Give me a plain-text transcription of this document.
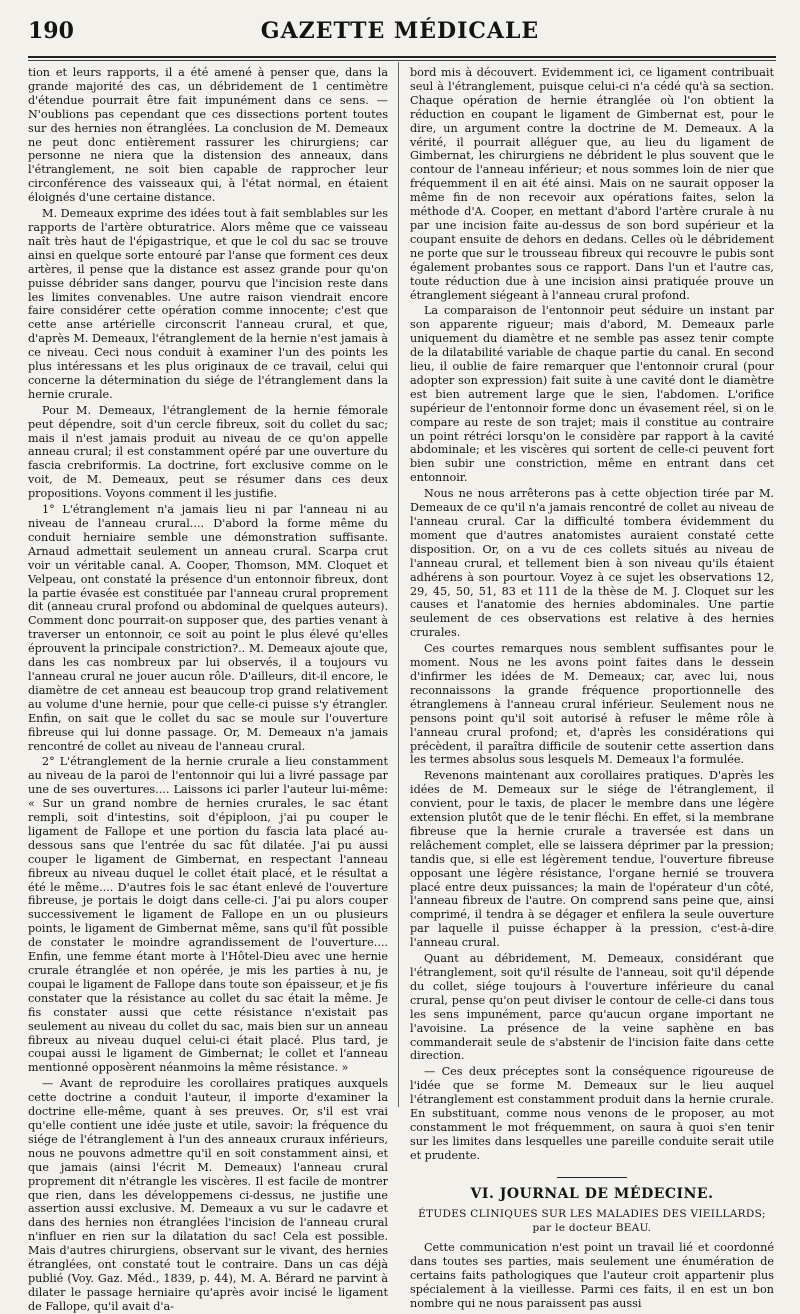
190	GAZETTE MÉDICALE

tion et leurs rapports, il a été amené à penser que, dans la grande majorité des cas, un débridement de 1 centimètre d'étendue pourrait être fait impunément dans ce sens. — N'oublions pas cependant que ces dissections portent toutes sur des hernies non étranglées. La conclusion de M. Demeaux ne peut donc entièrement rassurer les chirurgiens; car personne ne niera que la distension des anneaux, dans l'étranglement, ne soit bien capable de rapprocher leur circonférence des vaisseaux qui, à l'état normal, en étaient éloignés d'une certaine distance.

M. Demeaux exprime des idées tout à fait semblables sur les rapports de l'artère obturatrice. Alors même que ce vaisseau naît très haut de l'épigastrique, et que le col du sac se trouve ainsi en quelque sorte entouré par l'anse que forment ces deux artères, il pense que la distance est assez grande pour qu'on puisse débrider sans danger, pourvu que l'incision reste dans les limites convenables. Une autre raison viendrait encore faire considérer cette opération comme innocente; c'est que cette anse artérielle circonscrit l'anneau crural, et que, d'après M. Demeaux, l'étranglement de la hernie n'est jamais à ce niveau. Ceci nous conduit à examiner l'un des points les plus intéressans et les plus originaux de ce travail, celui qui concerne la détermination du siége de l'étranglement dans la hernie crurale.

Pour M. Demeaux, l'étranglement de la hernie fémorale peut dépendre, soit d'un cercle fibreux, soit du collet du sac; mais il n'est jamais produit au niveau de ce qu'on appelle anneau crural; il est constamment opéré par une ouverture du fascia crebriformis. La doctrine, fort exclusive comme on le voit, de M. Demeaux, peut se résumer dans ces deux propositions. Voyons comment il les justifie.

1° L'étranglement n'a jamais lieu ni par l'anneau ni au niveau de l'anneau crural.... D'abord la forme même du conduit herniaire semble une démonstration suffisante. Arnaud admettait seulement un anneau crural. Scarpa crut voir un véritable canal. A. Cooper, Thomson, MM. Cloquet et Velpeau, ont constaté la présence d'un entonnoir fibreux, dont la partie évasée est constituée par l'anneau crural proprement dit (anneau crural profond ou abdominal de quelques auteurs). Comment donc pourrait-on supposer que, des parties venant à traverser un entonnoir, ce soit au point le plus élevé qu'elles éprouvent la principale constriction?.. M. Demeaux ajoute que, dans les cas nombreux par lui observés, il a toujours vu l'anneau crural ne jouer aucun rôle. D'ailleurs, dit-il encore, le diamètre de cet anneau est beaucoup trop grand relativement au volume d'une hernie, pour que celle-ci puisse s'y étrangler. Enfin, on sait que le collet du sac se moule sur l'ouverture fibreuse qui lui donne passage. Or, M. Demeaux n'a jamais rencontré de collet au niveau de l'anneau crural.

2° L'étranglement de la hernie crurale a lieu constamment au niveau de la paroi de l'entonnoir qui lui a livré passage par une de ses ouvertures.... Laissons ici parler l'auteur lui-même: « Sur un grand nombre de hernies crurales, le sac étant rempli, soit d'intestins, soit d'épiploon, j'ai pu couper le ligament de Fallope et une portion du fascia lata placé au-dessous sans que l'entrée du sac fût dilatée. J'ai pu aussi couper le ligament de Gimbernat, en respectant l'anneau fibreux au niveau duquel le collet était placé, et le résultat a été le même.... D'autres fois le sac étant enlevé de l'ouverture fibreuse, je portais le doigt dans celle-ci. J'ai pu alors couper successivement le ligament de Fallope en un ou plusieurs points, le ligament de Gimbernat même, sans qu'il fût possible de constater le moindre agrandissement de l'ouverture.... Enfin, une femme étant morte à l'Hôtel-Dieu avec une hernie crurale étranglée et non opérée, je mis les parties à nu, je coupai le ligament de Fallope dans toute son épaisseur, et je fis constater que la résistance au collet du sac était la même. Je fis constater aussi que cette résistance n'existait pas seulement au niveau du collet du sac, mais bien sur un anneau fibreux au niveau duquel celui-ci était placé. Plus tard, je coupai aussi le ligament de Gimbernat; le collet et l'anneau mentionné opposèrent néanmoins la même résistance. »

— Avant de reproduire les corollaires pratiques auxquels cette doctrine a conduit l'auteur, il importe d'examiner la doctrine elle-même, quant à ses preuves. Or, s'il est vrai qu'elle contient une idée juste et utile, savoir: la fréquence du siége de l'étranglement à l'un des anneaux cruraux inférieurs, nous ne pouvons admettre qu'il en soit constamment ainsi, et que jamais (ainsi l'écrit M. Demeaux) l'anneau crural proprement dit n'étrangle les viscères. Il est facile de montrer que rien, dans les développemens ci-dessus, ne justifie une assertion aussi exclusive. M. Demeaux a vu sur le cadavre et dans des hernies non étranglées l'incision de l'anneau crural n'influer en rien sur la dilatation du sac! Cela est possible. Mais d'autres chirurgiens, observant sur le vivant, des hernies étranglées, ont constaté tout le contraire. Dans un cas déjà publié (Voy. Gaz. Méd., 1839, p. 44), M. A. Bérard ne parvint à dilater le passage herniaire qu'après avoir incisé le ligament de Fallope, qu'il avait d'a-

bord mis à découvert. Evidemment ici, ce ligament contribuait seul à l'étranglement, puisque celui-ci n'a cédé qu'à sa section. Chaque opération de hernie étranglée où l'on obtient la réduction en coupant le ligament de Gimbernat est, pour le dire, un argument contre la doctrine de M. Demeaux. A la vérité, il pourrait alléguer que, au lieu du ligament de Gimbernat, les chirurgiens ne débrident le plus souvent que le contour de l'anneau inférieur; et nous sommes loin de nier que fréquemment il en ait été ainsi. Mais on ne saurait opposer la même fin de non recevoir aux opérations faites, selon la méthode d'A. Cooper, en mettant d'abord l'artère crurale à nu par une incision faite au-dessus de son bord supérieur et la coupant ensuite de dehors en dedans. Celles où le débridement ne porte que sur le trousseau fibreux qui recouvre le pubis sont également probantes sous ce rapport. Dans l'un et l'autre cas, toute réduction due à une incision ainsi pratiquée prouve un étranglement siégeant à l'anneau crural profond.

La comparaison de l'entonnoir peut séduire un instant par son apparente rigueur; mais d'abord, M. Demeaux parle uniquement du diamètre et ne semble pas assez tenir compte de la dilatabilité variable de chaque partie du canal. En second lieu, il oublie de faire remarquer que l'entonnoir crural (pour adopter son expression) fait suite à une cavité dont le diamètre est bien autrement large que le sien, l'abdomen. L'orifice supérieur de l'entonnoir forme donc un évasement réel, si on le compare au reste de son trajet; mais il constitue au contraire un point rétréci lorsqu'on le considère par rapport à la cavité abdominale; et les viscères qui sortent de celle-ci peuvent fort bien subir une constriction, même en entrant dans cet entonnoir.

Nous ne nous arrêterons pas à cette objection tirée par M. Demeaux de ce qu'il n'a jamais rencontré de collet au niveau de l'anneau crural. Car la difficulté tombera évidemment du moment que d'autres anatomistes auraient constaté cette disposition. Or, on a vu de ces collets situés au niveau de l'anneau crural, et tellement bien à son niveau qu'ils étaient adhérens à son pourtour. Voyez à ce sujet les observations 12, 29, 45, 50, 51, 83 et 111 de la thèse de M. J. Cloquet sur les causes et l'anatomie des hernies abdominales. Une partie seulement de ces observations est relative à des hernies crurales.

Ces courtes remarques nous semblent suffisantes pour le moment. Nous ne les avons point faites dans le dessein d'infirmer les idées de M. Demeaux; car, avec lui, nous reconnaissons la grande fréquence proportionnelle des étranglemens à l'anneau crural inférieur. Seulement nous ne pensons point qu'il soit autorisé à refuser le même rôle à l'anneau crural profond; et, d'après les considérations qui précèdent, il paraîtra difficile de soutenir cette assertion dans les termes absolus sous lesquels M. Demeaux l'a formulée.

Revenons maintenant aux corollaires pratiques. D'après les idées de M. Demeaux sur le siége de l'étranglement, il convient, pour le taxis, de placer le membre dans une légère extension plutôt que de le tenir fléchi. En effet, si la membrane fibreuse que la hernie crurale a traversée est dans un relâchement complet, elle se laissera déprimer par la pression; tandis que, si elle est légèrement tendue, l'ouverture fibreuse opposant une légère résistance, l'organe hernié se trouvera placé entre deux puissances; la main de l'opérateur d'un côté, l'anneau fibreux de l'autre. On comprend sans peine que, ainsi comprimé, il tendra à se dégager et enfilera la seule ouverture par laquelle il puisse échapper à la pression, c'est-à-dire l'anneau crural.

Quant au débridement, M. Demeaux, considérant que l'étranglement, soit qu'il résulte de l'anneau, soit qu'il dépende du collet, siége toujours à l'ouverture inférieure du canal crural, pense qu'on peut diviser le contour de celle-ci dans tous les sens impunément, parce qu'aucun organe important ne l'avoisine. La présence de la veine saphène en bas commanderait seule de s'abstenir de l'incision faite dans cette direction.

— Ces deux préceptes sont la conséquence rigoureuse de l'idée que se forme M. Demeaux sur le lieu auquel l'étranglement est constamment produit dans la hernie crurale. En substituant, comme nous venons de le proposer, au mot constamment le mot fréquemment, on saura à quoi s'en tenir sur les limites dans lesquelles une pareille conduite serait utile et prudente.

VI. JOURNAL DE MÉDECINE.
ÉTUDES CLINIQUES SUR LES MALADIES DES VIEILLARDS; par le docteur BEAU.

Cette communication n'est point un travail lié et coordonné dans toutes ses parties, mais seulement une énumération de certains faits pathologiques que l'auteur croit appartenir plus spécialement à la vieillesse. Parmi ces faits, il en est un bon nombre qui ne nous paraissent pas aussi
